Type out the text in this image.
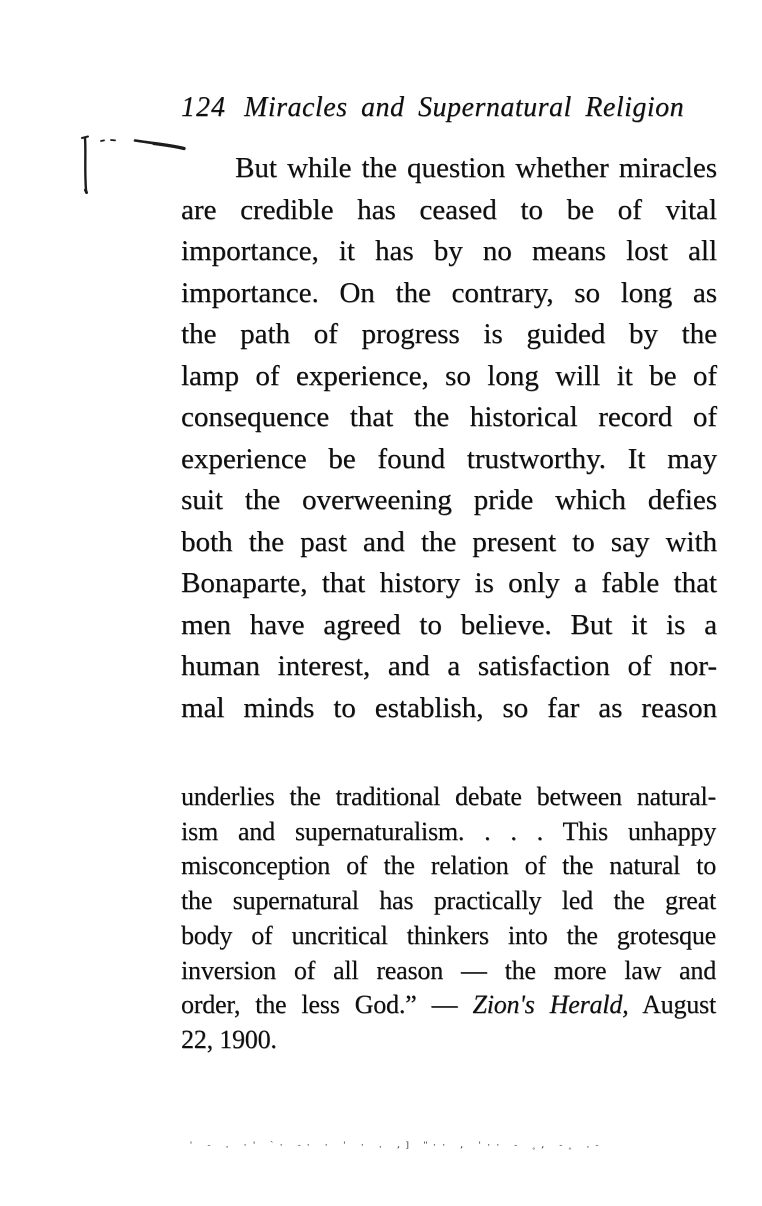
124 Miracles and Supernatural Religion
But while the question whether miracles
are credible has ceased to be of vital
importance, it has by no means lost all
importance. On the contrary, so long as
the path of progress is guided by the
lamp of experience, so long will it be of
consequence that the historical record of
experience be found trustworthy. It may
suit the overweening pride which defies
both the past and the present to say with
Bonaparte, that history is only a fable that
men have agreed to believe. But it is a
human interest, and a satisfaction of nor-
mal minds to establish, so far as reason
underlies the traditional debate between natural-
ism and supernaturalism. . . . This unhappy
misconception of the relation of the natural to
the supernatural has practically led the great
body of uncritical thinkers into the grotesque
inversion of all reason — the more law and
order, the less God.” — Zion's Herald, August
22, 1900.
' - . ·' `· -· · ' · . ,] "·· , '·· - ˳, -˳ .-
